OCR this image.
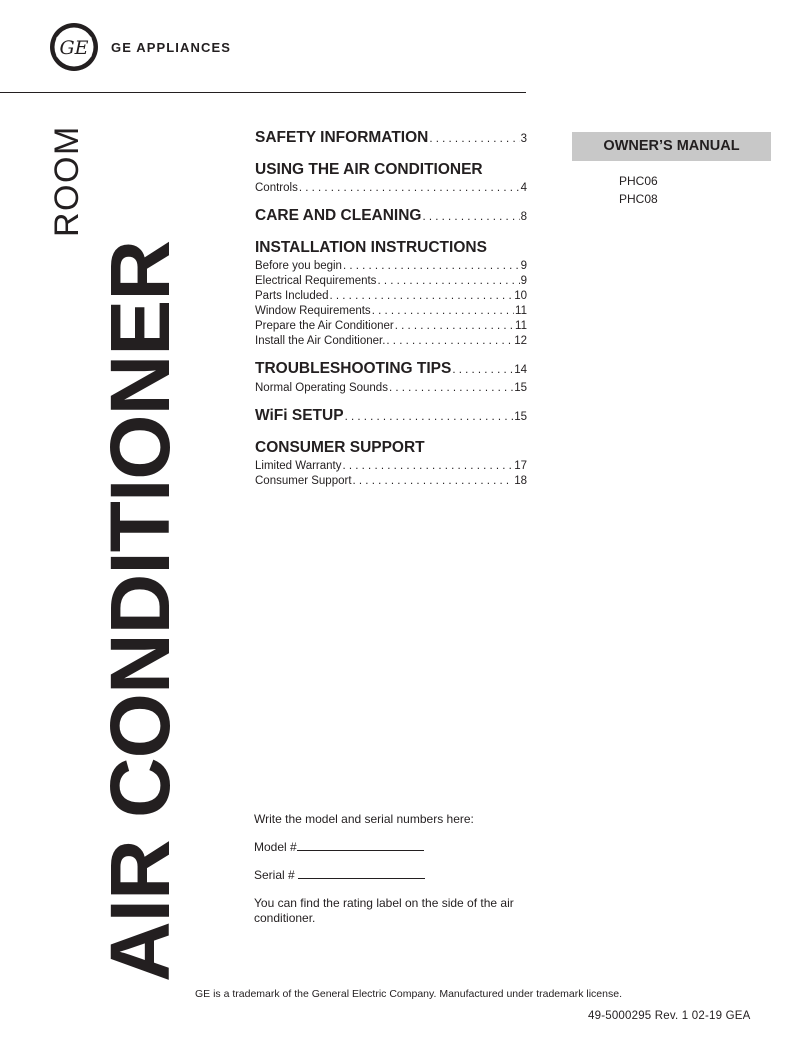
GE GE APPLIANCES
ROOM
AIR CONDITIONER
SAFETY INFORMATION . . .	3
USING THE AIR CONDITIONER
Controls . . .	4
CARE AND CLEANING . . .	8
INSTALLATION INSTRUCTIONS
Before you begin . . .	9
Electrical Requirements . . .	9
Parts Included . . .	10
Window Requirements . . .	11
Prepare the Air Conditioner . . .	11
Install the Air Conditioner. . . .	12
TROUBLESHOOTING TIPS . . .	14
Normal Operating Sounds . . .	15
WiFi SETUP . . .	15
CONSUMER SUPPORT
Limited Warranty . . .	17
Consumer Support . . .	18
OWNER’S MANUAL
PHC06
PHC08

Write the model and serial numbers here:

Model #

Serial #

You can find the rating label on the side of the air conditioner.

GE is a trademark of the General Electric Company. Manufactured under trademark license.
49-5000295 Rev. 1 02-19 GEA
